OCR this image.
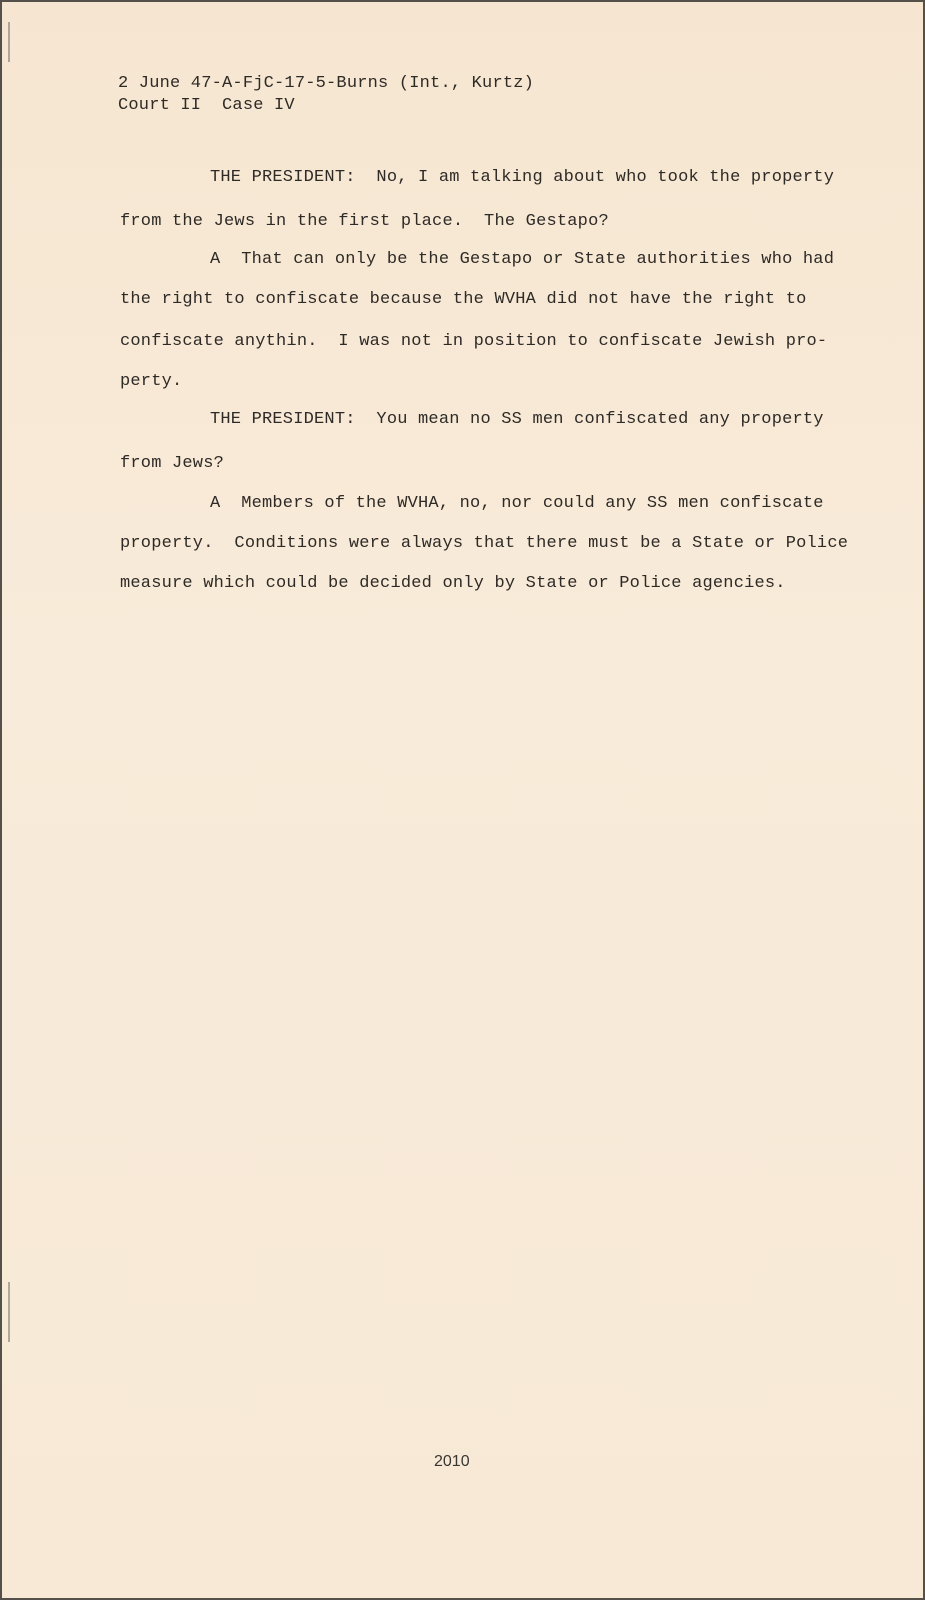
2 June 47-A-FjC-17-5-Burns (Int., Kurtz)
Court II  Case IV
THE PRESIDENT:  No, I am talking about who took the property
from the Jews in the first place.  The Gestapo?
A  That can only be the Gestapo or State authorities who had
the right to confiscate because the WVHA did not have the right to
confiscate anythin.  I was not in position to confiscate Jewish pro-
perty.
THE PRESIDENT:  You mean no SS men confiscated any property
from Jews?
A  Members of the WVHA, no, nor could any SS men confiscate
property.  Conditions were always that there must be a State or Police
measure which could be decided only by State or Police agencies.
2010
